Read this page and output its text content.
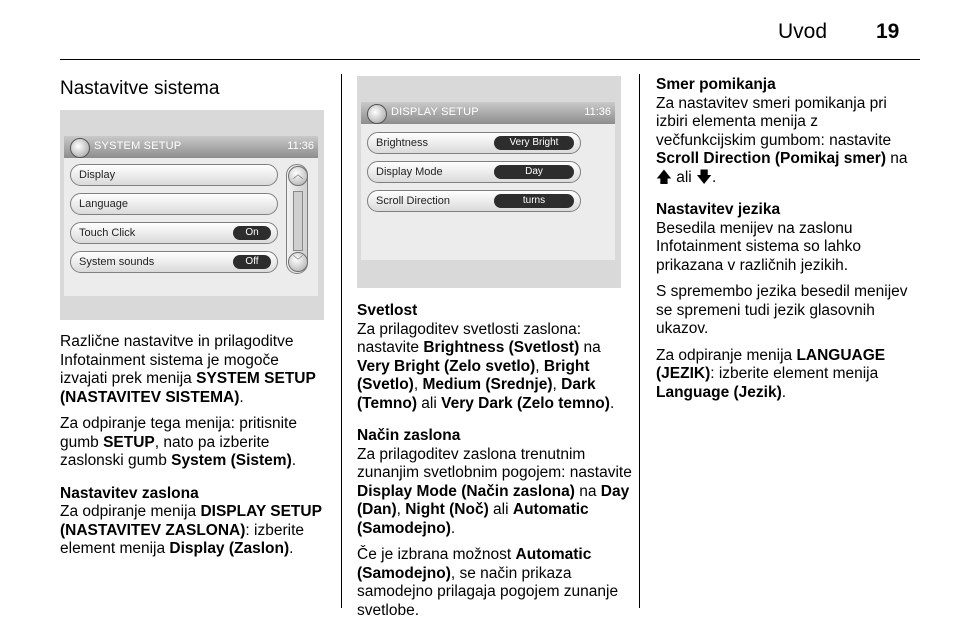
Uvod 19
Nastavitve sistema
SYSTEM SETUP	11:36
Display
Language
Touch Click	On
System sounds	Off
︿
﹀

Različne nastavitve in prilagoditve Infotainment sistema je mogoče izvajati prek menija SYSTEM SETUP (NASTAVITEV SISTEMA).

Za odpiranje tega menija: pritisnite gumb SETUP, nato pa izberite zaslonski gumb System (Sistem).

Nastavitev zaslona

Za odpiranje menija DISPLAY SETUP (NASTAVITEV ZASLONA): izberite element menija Display (Zaslon).

DISPLAY SETUP	11:36
Brightness	Very Bright
Display Mode	Day
Scroll Direction	turns

Svetlost

Za prilagoditev svetlosti zaslona: nastavite Brightness (Svetlost) na Very Bright (Zelo svetlo), Bright (Svetlo), Medium (Srednje), Dark (Temno) ali Very Dark (Zelo temno).

Način zaslona

Za prilagoditev zaslona trenutnim zunanjim svetlobnim pogojem: nastavite Display Mode (Način zaslona) na Day (Dan), Night (Noč) ali Automatic (Samodejno).

Če je izbrana možnost Automatic (Samodejno), se način prikaza samodejno prilagaja pogojem zunanje svetlobe.

Smer pomikanja

Za nastavitev smeri pomikanja pri izbiri elementa menija z večfunkcijskim gumbom: nastavite Scroll Direction (Pomikaj smer) na
🡅 ali 🡇.

Nastavitev jezika

Besedila menijev na zaslonu Infotainment sistema so lahko prikazana v različnih jezikih.

S spremembo jezika besedil menijev se spremeni tudi jezik glasovnih ukazov.

Za odpiranje menija LANGUAGE (JEZIK): izberite element menija Language (Jezik).
